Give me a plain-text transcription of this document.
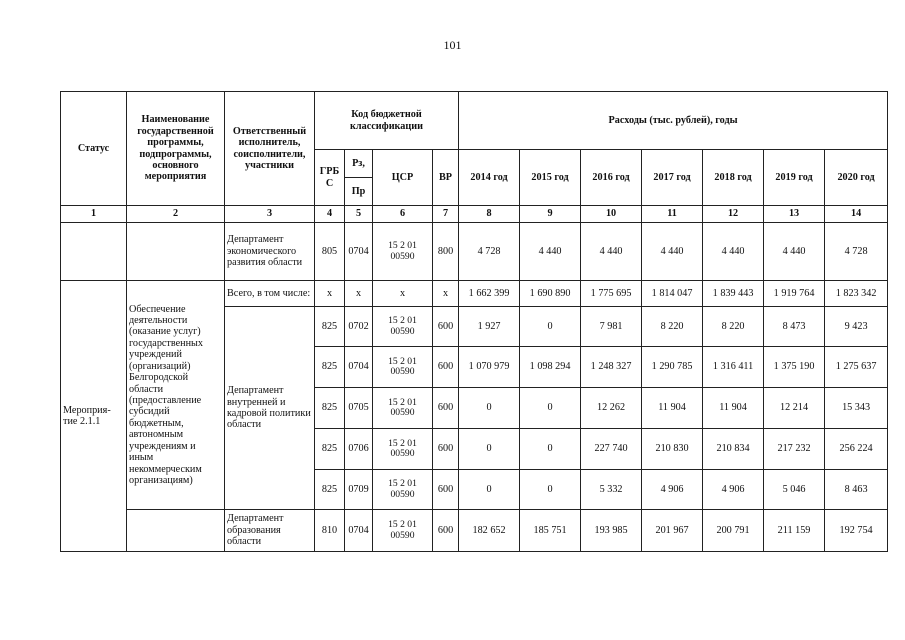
101
Статус	Наименование государственной программы, подпрограммы, основного мероприятия	Ответственный исполнитель, соисполнители, участники	Код бюджетной классификации				Расходы (тыс. рублей), годы						
			ГРБ С	Рз,	ЦСР	ВР	2014 год	2015 год	2016 год	2017 год	2018 год	2019 год	2020 год
				Пр									
1	2	3	4	5	6	7	8	9	10	11	12	13	14
		Департамент экономического развития области	805	0704	15 2 01 00590	800	4 728	4 440	4 440	4 440	4 440	4 440	4 728
Мероприя-тие 2.1.1	Обеспечение деятельности (оказание услуг) государственных учреждений (организаций) Белгородской области (предоставление субсидий бюджетным, автономным учреждениям и иным некоммерческим организациям)	Всего, в том числе:	х	х	х	х	1 662 399	1 690 890	1 775 695	1 814 047	1 839 443	1 919 764	1 823 342
		Департамент внутренней и кадровой политики области	825	0702	15 2 01 00590	600	1 927	0	7 981	8 220	8 220	8 473	9 423
			825	0704	15 2 01 00590	600	1 070 979	1 098 294	1 248 327	1 290 785	1 316 411	1 375 190	1 275 637
			825	0705	15 2 01 00590	600	0	0	12 262	11 904	11 904	12 214	15 343
			825	0706	15 2 01 00590	600	0	0	227 740	210 830	210 834	217 232	256 224
			825	0709	15 2 01 00590	600	0	0	5 332	4 906	4 906	5 046	8 463
		Департамент образования области	810	0704	15 2 01 00590	600	182 652	185 751	193 985	201 967	200 791	211 159	192 754
